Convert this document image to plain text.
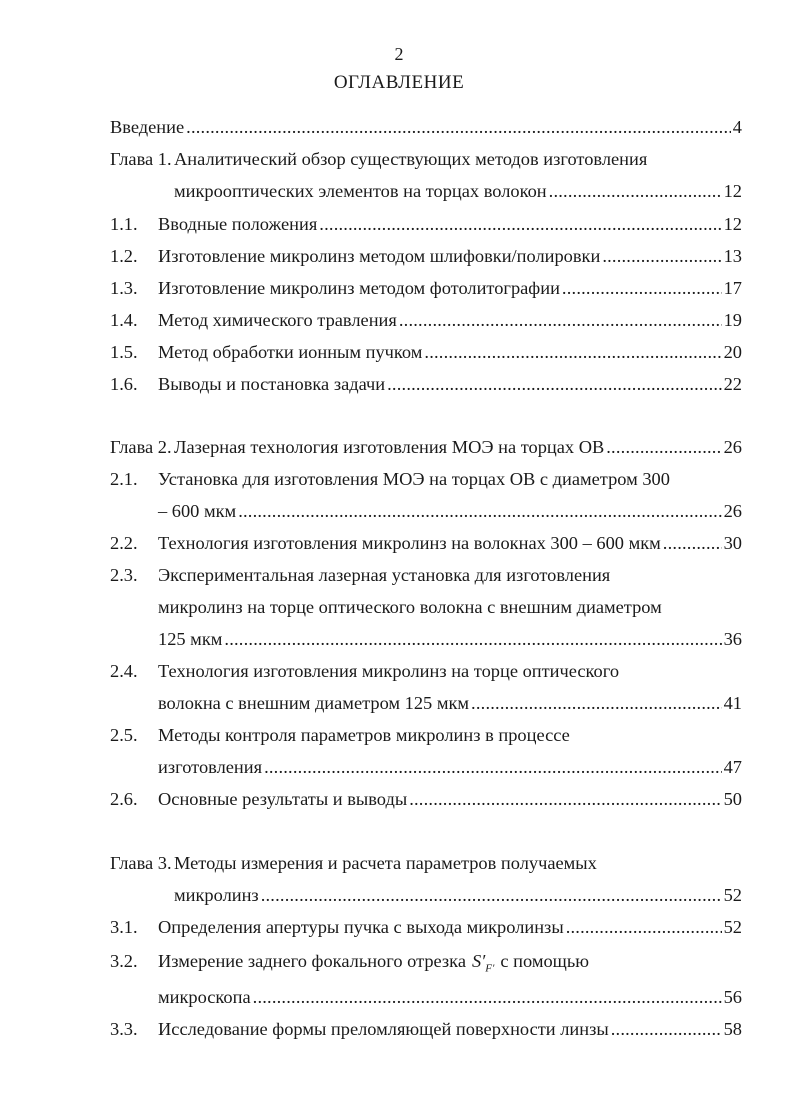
2
ОГЛАВЛЕНИЕ
Введение .....	4
Глава 1. Аналитический обзор существующих методов изготовления
микрооптических элементов на торцах волокон .....	12
1.1.	Вводные положения .....	12
1.2.	Изготовление микролинз методом шлифовки/полировки .....	13
1.3.	Изготовление микролинз методом фотолитографии .....	17
1.4.	Метод химического травления .....	19
1.5.	Метод обработки ионным пучком .....	20
1.6.	Выводы и постановка задачи .....	22
Глава 2. Лазерная технология изготовления МОЭ на торцах ОВ .....	26
2.1.	Установка для изготовления МОЭ на торцах ОВ с диаметром 300
– 600 мкм .....	26
2.2.	Технология изготовления микролинз на волокнах 300 – 600 мкм .....	30
2.3.	Экспериментальная лазерная установка для изготовления
микролинз на торце оптического волокна с внешним диаметром
125 мкм .....	36
2.4.	Технология изготовления микролинз на торце оптического
волокна с внешним диаметром 125 мкм .....	41
2.5.	Методы контроля параметров микролинз в процессе
изготовления .....	47
2.6.	Основные результаты и выводы .....	50
Глава 3. Методы измерения и расчета параметров получаемых
микролинз .....	52
3.1.	Определения апертуры пучка с выхода микролинзы .....	52
3.2.	Измерение заднего фокального отрезка $S'_{F'}$ с помощью
микроскопа .....	56
3.3.	Исследование формы преломляющей поверхности линзы .....	58
